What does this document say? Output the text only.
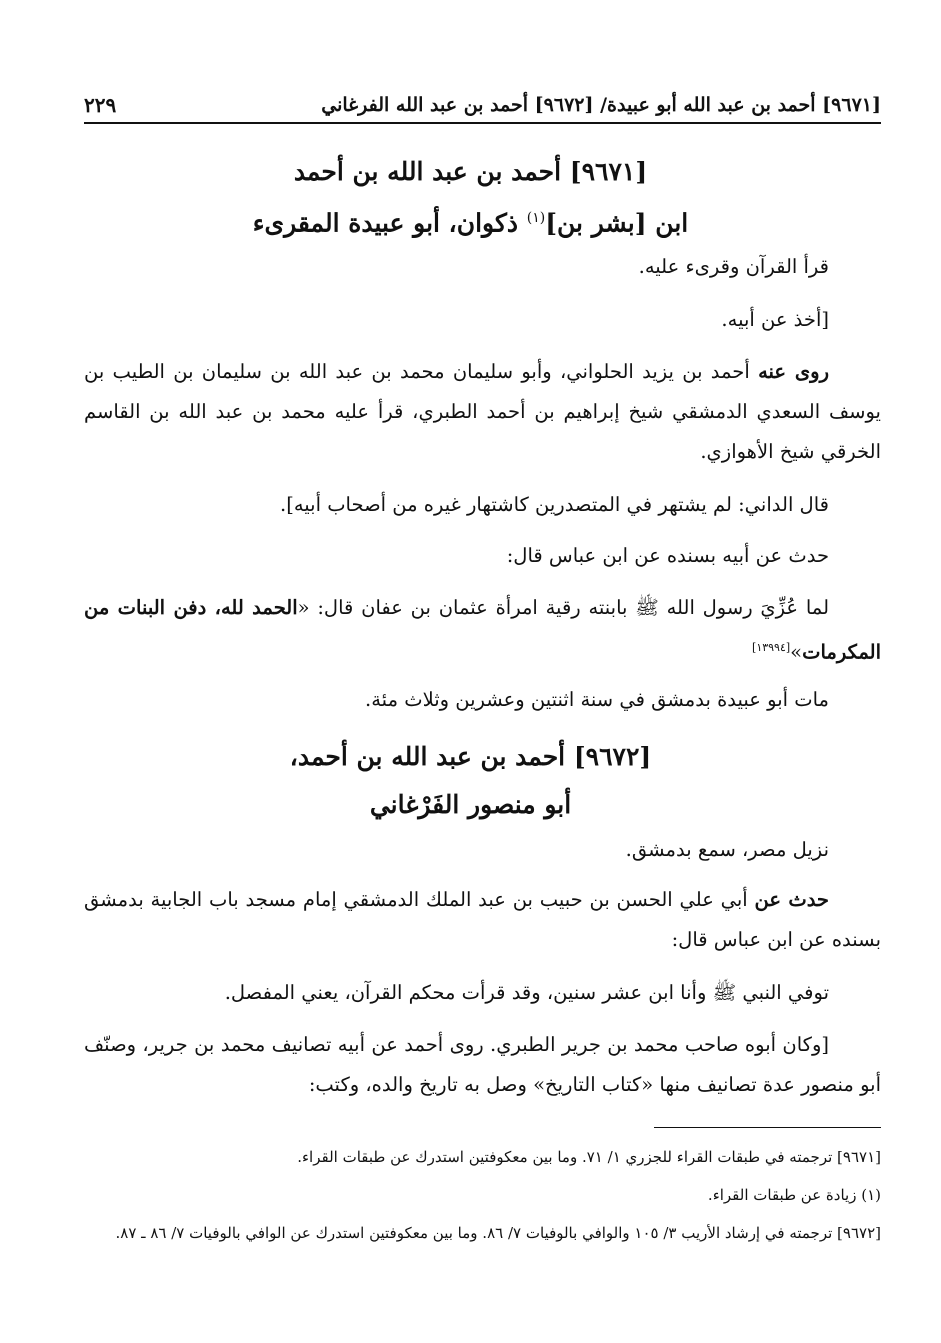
[٩٦٧١] أحمد بن عبد الله أبو عبيدة/ [٩٦٧٢] أحمد بن عبد الله الفرغاني
٢٢٩
[٩٦٧١] أحمد بن عبد الله بن أحمد
ابن [بشر بن]$^{(١)}$ ذكوان، أبو عبيدة المقرىء
قرأ القرآن وقرىء عليه.
[أخذ عن أبيه.
روى عنه أحمد بن يزيد الحلواني، وأبو سليمان محمد بن عبد الله بن سليمان بن الطيب بن يوسف السعدي الدمشقي شيخ إبراهيم بن أحمد الطبري، قرأ عليه محمد بن عبد الله بن القاسم الخرقي شيخ الأهوازي.
قال الداني: لم يشتهر في المتصدرين كاشتهار غيره من أصحاب أبيه].
حدث عن أبيه بسنده عن ابن عباس قال:
لما عُزِّيَ رسول الله ﷺ بابنته رقية امرأة عثمان بن عفان قال: «الحمد لله، دفن البنات من المكرمات»[١٣٩٩٤]
مات أبو عبيدة بدمشق في سنة اثنتين وعشرين وثلاث مئة.
[٩٦٧٢] أحمد بن عبد الله بن أحمد،
أبو منصور الفَرْغاني
نزيل مصر، سمع بدمشق.
حدث عن أبي علي الحسن بن حبيب بن عبد الملك الدمشقي إمام مسجد باب الجابية بدمشق بسنده عن ابن عباس قال:
توفي النبي ﷺ وأنا ابن عشر سنين، وقد قرأت محكم القرآن، يعني المفصل.
[وكان أبوه صاحب محمد بن جرير الطبري. روى أحمد عن أبيه تصانيف محمد بن جرير، وصنّف أبو منصور عدة تصانيف منها «كتاب التاريخ» وصل به تاريخ والده، وكتب:
[٩٦٧١] ترجمته في طبقات القراء للجزري ١/ ٧١. وما بين معكوفتين استدرك عن طبقات القراء.
(١) زيادة عن طبقات القراء.
[٩٦٧٢] ترجمته في إرشاد الأريب ٣/ ١٠٥ والوافي بالوفيات ٧/ ٨٦. وما بين معكوفتين استدرك عن الوافي بالوفيات ٧/ ٨٦ ـ ٨٧.
